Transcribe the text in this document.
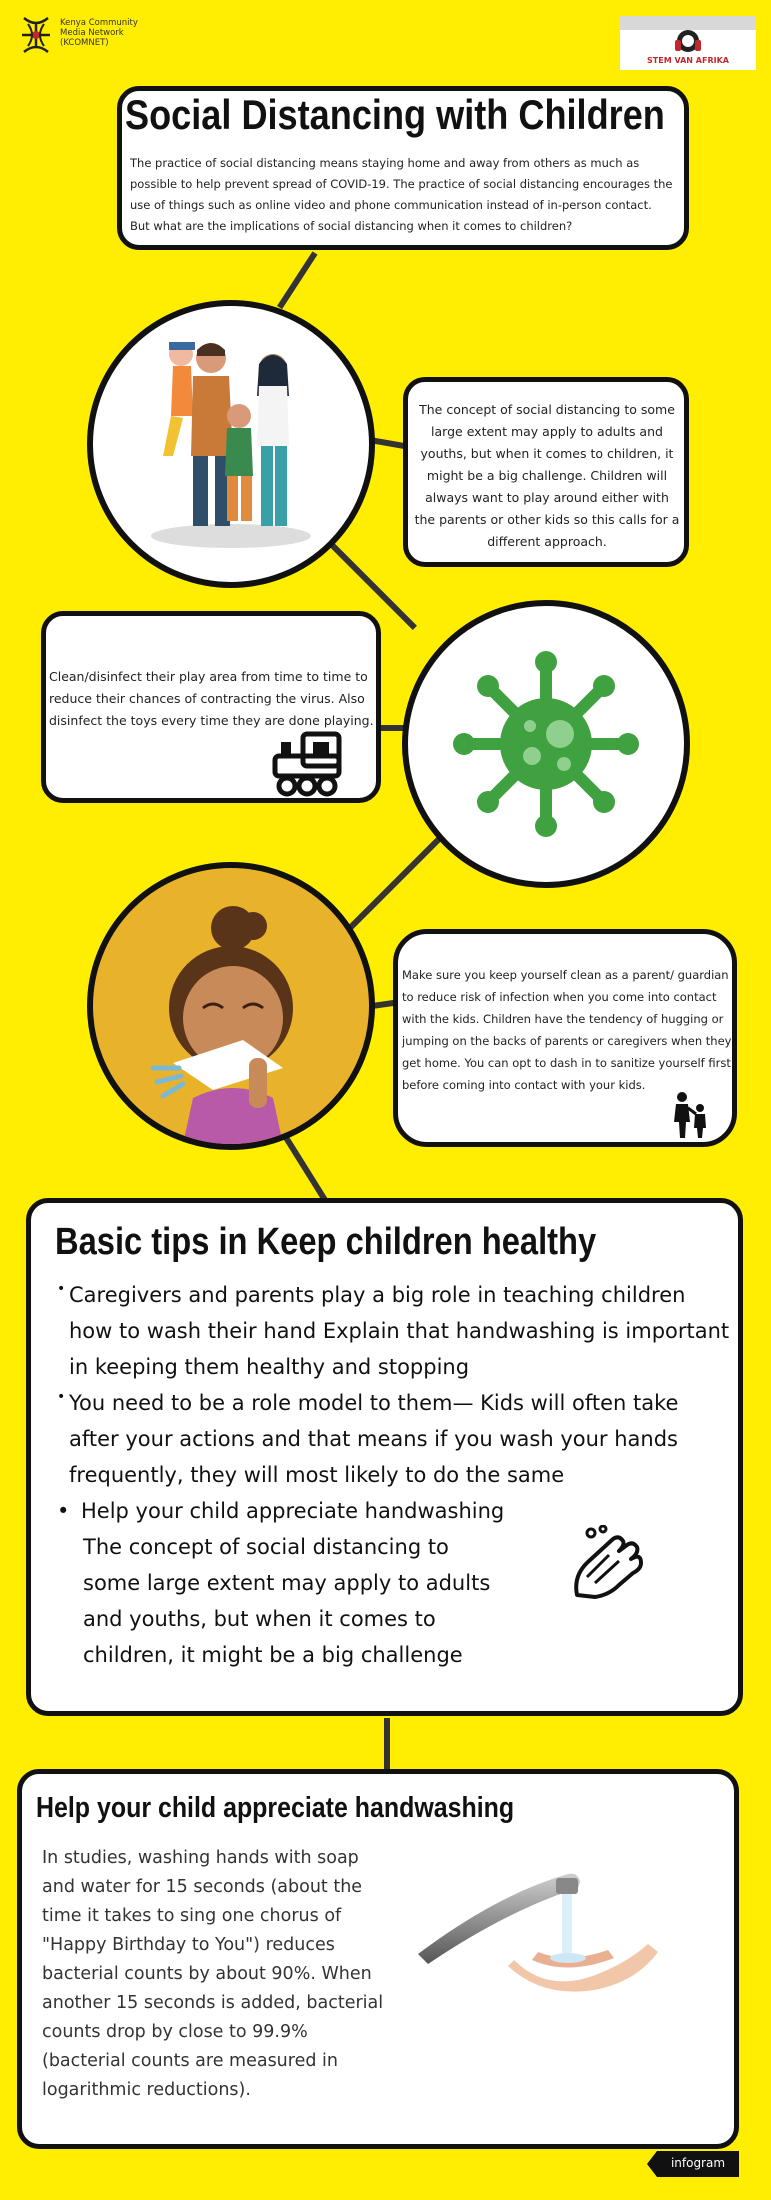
Kenya Community
Media Network
(KCOMNET)
STEM VAN AFRIKA
Social Distancing with Children
The practice of social distancing means staying home and away from others as much as possible to help prevent spread of COVID-19. The practice of social distancing encourages the use of things such as online video and phone communication instead of in-person contact. But what are the implications of social distancing when it comes to children?
The concept of social distancing to some large extent may apply to adults and youths, but when it comes to children, it might be a big challenge. Children will always want to play around either with the parents or other kids so this calls for a different approach.
Clean/disinfect their play area from time to time to reduce their chances of contracting the virus. Also disinfect the toys every time they are done playing.
Make sure you keep yourself clean as a parent/ guardian to reduce risk of infection when you come into contact with the kids. Children have the tendency of hugging or jumping on the backs of parents or caregivers when they get home. You can opt to dash in to sanitize yourself first before coming into contact with your kids.
Basic tips in Keep children healthy
• Caregivers and parents play a big role in teaching children how to wash their hand Explain that handwashing is important in keeping them healthy and stopping
• You need to be a role model to them— Kids will often take after your actions and that means if you wash your hands frequently, they will most likely to do the same
• Help your child appreciate handwashing
The concept of social distancing to some large extent may apply to adults and youths, but when it comes to children, it might be a big challenge
Help your child appreciate handwashing
In studies, washing hands with soap and water for 15 seconds (about the time it takes to sing one chorus of "Happy Birthday to You") reduces bacterial counts by about 90%. When another 15 seconds is added, bacterial counts drop by close to 99.9% (bacterial counts are measured in logarithmic reductions).
infogram
